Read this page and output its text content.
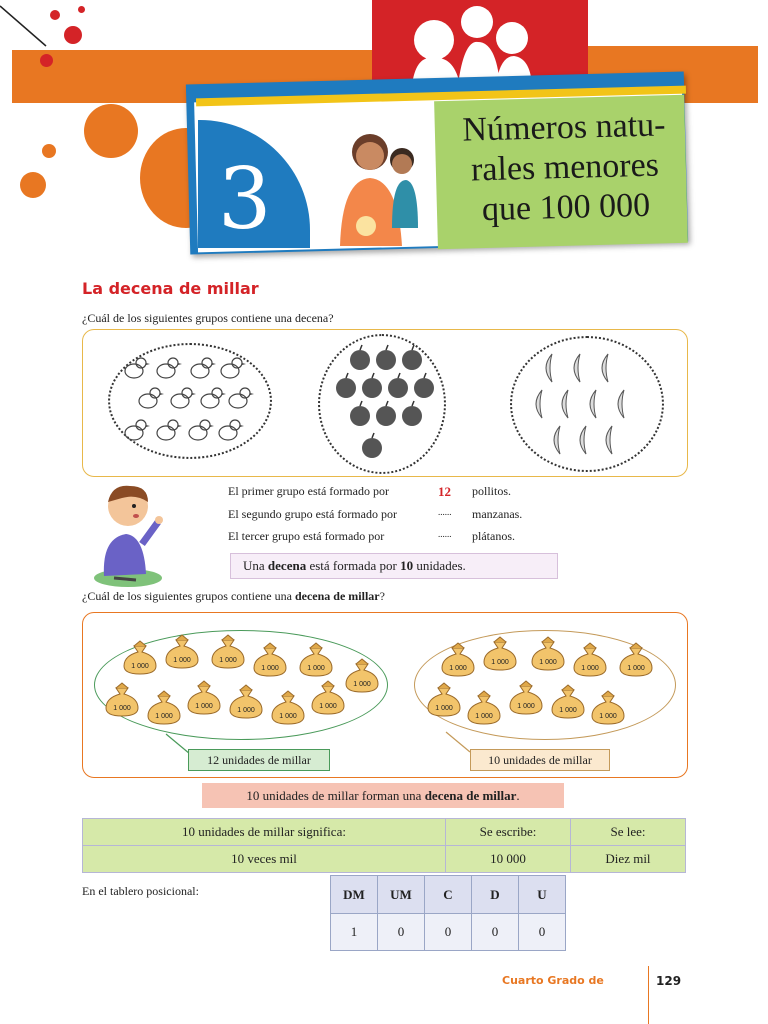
3
Números natu-
rales menores
que 100 000
La decena de millar
¿Cuál de los siguientes grupos contiene una decena?
El primer grupo está formado por	12 pollitos.
El segundo grupo está formado por	...... manzanas.
El tercer grupo está formado por	...... plátanos.
Una decena está formada por 10 unidades.
¿Cuál de los siguientes grupos contiene una decena de millar?
1 000
1 000	1 000
1 000	1 000
1 000
1 000
1 000
1 000
1 000
1 000
1 000
1 000
1 000	1 000
1 000	1 000
1 000
1 000
1 000
1 000
1 000
12 unidades de millar	10 unidades de millar
10 unidades de millar forman una decena de millar.
10 unidades de millar significa:	Se escribe:	Se lee:
10 veces mil	10 000	Diez mil
En el tablero posicional:	DM	UM	C	D	U
1	0	0	0	0
Cuarto Grado de	129
